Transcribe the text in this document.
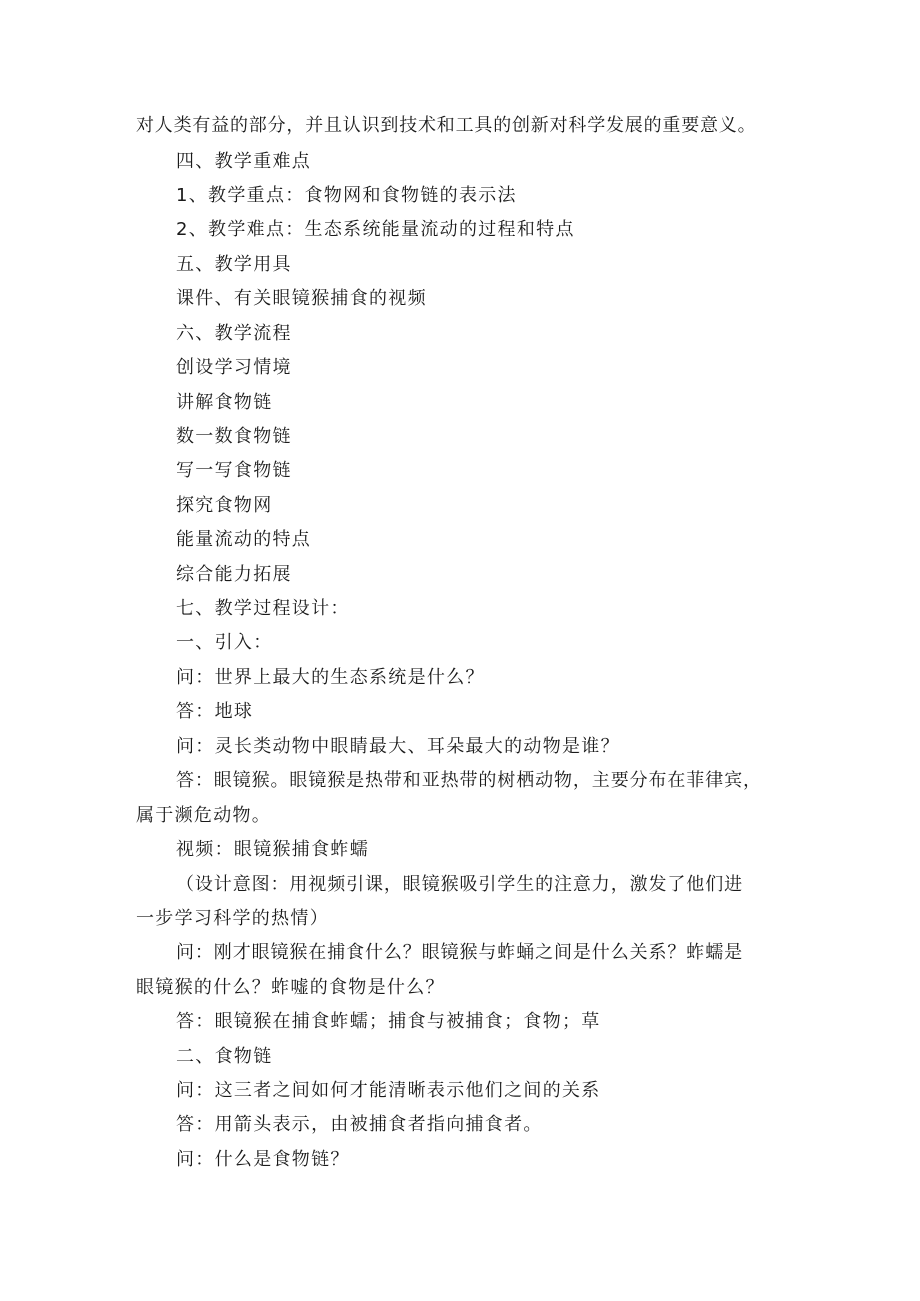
对人类有益的部分，并且认识到技术和工具的创新对科学发展的重要意义。
四、教学重难点
1、教学重点：食物网和食物链的表示法
2、教学难点：生态系统能量流动的过程和特点
五、教学用具
课件、有关眼镜猴捕食的视频
六、教学流程
创设学习情境
讲解食物链
数一数食物链
写一写食物链
探究食物网
能量流动的特点
综合能力拓展
七、教学过程设计：
一、引入：
问：世界上最大的生态系统是什么？
答：地球
问：灵长类动物中眼睛最大、耳朵最大的动物是谁？
答：眼镜猴。眼镜猴是热带和亚热带的树栖动物，主要分布在菲律宾，
属于濒危动物。
视频：眼镜猴捕食蚱蠕
（设计意图：用视频引课，眼镜猴吸引学生的注意力，激发了他们进
一步学习科学的热情）
问：刚才眼镜猴在捕食什么？眼镜猴与蚱蛹之间是什么关系？蚱蠕是
眼镜猴的什么？蚱嘘的食物是什么？
答：眼镜猴在捕食蚱蠕；捕食与被捕食；食物；草
二、食物链
问：这三者之间如何才能清晰表示他们之间的关系
答：用箭头表示，由被捕食者指向捕食者。
问：什么是食物链？
